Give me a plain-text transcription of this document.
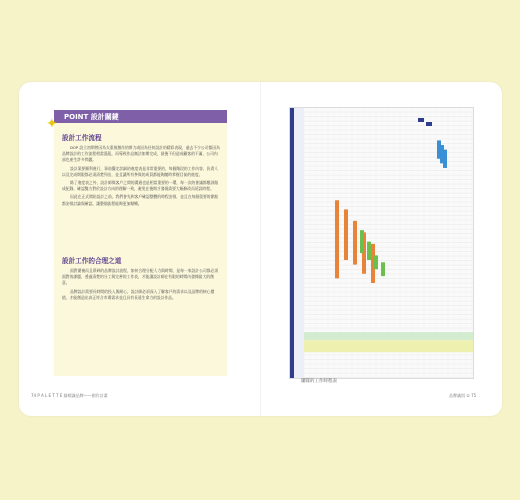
POINT 設計關鍵
✦
設計工作流程

DOP 設立初期曾因為太重視創作的實力或因為任何設計的精彩表現，過去不少公司都因為品牌設計的工作流程相當混亂，而導致作品無法如期完成，最後不但造成顧客的不滿，公司內部也產生許多問題。

設計案要順利進行，事前擬定詳細的進度表是非常重要的，每個階段的工作內容、負責人以及完成期限都必須清楚列出，並且讓所有參與的成員都能夠隨時掌握目前的進度。

除了進度表之外，設計師與客戶之間的溝通也是相當重要的一環，每一次的會議都應該做成紀錄，確認雙方對於設計方向的理解一致，避免在後期才發現需要大幅修改而延誤時程。

因此在正式開始設計之前，我們會先和客戶確認整體的時程安排，並且在每個重要的節點都安排討論與確認，讓整個流程能夠更加順暢。

設計工作的合理之道

面對繁複而且瑣碎的品牌設計流程，如何合理分配人力與時間，是每一家設計公司都必須面對的課題，透過清楚的分工與完善的工作表，才能讓設計師在有限的時間內發揮最大的創意。

品牌設計需要長時間的投入與耐心，設計師必須深入了解客戶的需求以及品牌的核心價值，才能創造出真正符合市場需求並且具有長遠生命力的設計作品。

74 P A L E T T E 綠標識品牌——創作計畫
團隊的工作時程表
品牌識別 ① 75
